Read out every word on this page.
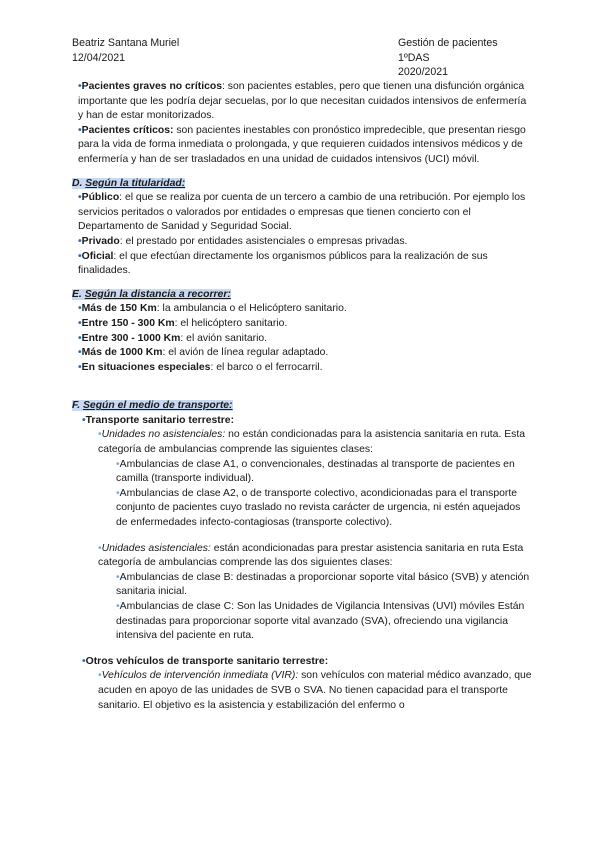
Beatriz Santana Muriel
12/04/2021
Gestión de pacientes
1ºDAS
2020/2021

•Pacientes graves no críticos: son pacientes estables, pero que tienen una disfunción orgánica importante que les podría dejar secuelas, por lo que necesitan cuidados intensivos de enfermería y han de estar monitorizados.

•Pacientes críticos: son pacientes inestables con pronóstico impredecible, que presentan riesgo para la vida de forma inmediata o prolongada, y que requieren cuidados intensivos médicos y de enfermería y han de ser trasladados en una unidad de cuidados intensivos (UCI) móvil.

D. Según la titularidad:

•Público: el que se realiza por cuenta de un tercero a cambio de una retribución. Por ejemplo los servicios peritados o valorados por entidades o empresas que tienen concierto con el Departamento de Sanidad y Seguridad Social.

•Privado: el prestado por entidades asistenciales o empresas privadas.

•Oficial: el que efectúan directamente los organismos públicos para la realización de sus finalidades.

E. Según la distancia a recorrer:

•Más de 150 Km: la ambulancia o el Helicóptero sanitario.

•Entre 150 - 300 Km: el helicóptero sanitario.

•Entre 300 - 1000 Km: el avión sanitario.

•Más de 1000 Km: el avión de línea regular adaptado.

•En situaciones especiales: el barco o el ferrocarril.

F. Según el medio de transporte:

•Transporte sanitario terrestre:

•Unidades no asistenciales: no están condicionadas para la asistencia sanitaria en ruta. Esta categoría de ambulancias comprende las siguientes clases:

•Ambulancias de clase A1, o convencionales, destinadas al transporte de pacientes en camilla (transporte individual).

•Ambulancias de clase A2, o de transporte colectivo, acondicionadas para el transporte conjunto de pacientes cuyo traslado no revista carácter de urgencia, ni estén aquejados de enfermedades infecto-contagiosas (transporte colectivo).

•Unidades asistenciales: están acondicionadas para prestar asistencia sanitaria en ruta Esta categoría de ambulancias comprende las dos siguientes clases:

•Ambulancias de clase B: destinadas a proporcionar soporte vital básico (SVB) y atención sanitaria inicial.

•Ambulancias de clase C: Son las Unidades de Vigilancia Intensivas (UVI) móviles Están destinadas para proporcionar soporte vital avanzado (SVA), ofreciendo una vigilancia intensiva del paciente en ruta.

•Otros vehículos de transporte sanitario terrestre:

•Vehículos de intervención inmediata (VIR): son vehículos con material médico avanzado, que acuden en apoyo de las unidades de SVB o SVA. No tienen capacidad para el transporte sanitario. El objetivo es la asistencia y estabilización del enfermo o
